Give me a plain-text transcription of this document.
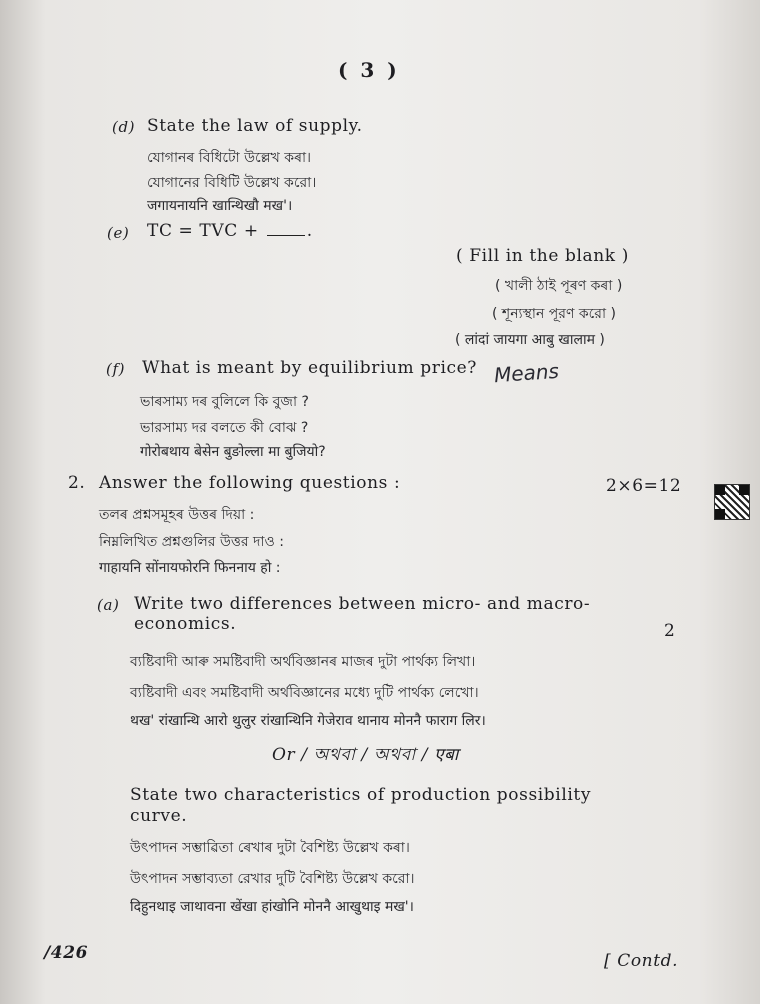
( 3 )
(d) State the law of supply.
যোগানৰ বিধিটো উল্লেখ কৰা।
যোগানের বিধিটি উল্লেখ করো।
जगायनायनि खान्थिखौ मख'।
(e) TC = TVC +	.
( Fill in the blank )
( খালী ঠাই পূৰণ কৰা )
( শূন্যস্থান পূরণ করো )
( लांदां जायगा आबु खालाम )
(f) What is meant by equilibrium price? Means
ভাৰসাম্য দৰ বুলিলে কি বুজা ?
ভারসাম্য দর বলতে কী বোঝ ?
गोरोबथाय बेसेन बुङोल्ला मा बुजियो?
2. Answer the following questions :	2×6=12
তলৰ প্ৰশ্নসমূহৰ উত্তৰ দিয়া :
নিম্নলিখিত প্রশ্নগুলির উত্তর দাও :
गाहायनि सोंनायफोरनि फिननाय हो :
(a) Write two differences between micro- and macro-
economics.	2
ব্যষ্টিবাদী আৰু সমষ্টিবাদী অৰ্থবিজ্ঞানৰ মাজৰ দুটা পাৰ্থক্য লিখা।
ব্যষ্টিবাদী এবং সমষ্টিবাদী অর্থবিজ্ঞানের মধ্যে দুটি পার্থক্য লেখো।
थख' रांखान्थि आरो थुलुर रांखान्थिनि गेजेराव थानाय मोननै फाराग लिर।
Or / অথবা / অথবা / एबा
State two characteristics of production possibility
curve.
উৎপাদন সম্ভাৱিতা ৰেখাৰ দুটা বৈশিষ্ট্য উল্লেখ কৰা।
উৎপাদন সম্ভাব্যতা রেখার দুটি বৈশিষ্ট্য উল্লেখ করো।
दिहुनथाइ जाथावना खेंखा हांखोनि मोननै आखुथाइ मख'।
/426	[ Contd.
